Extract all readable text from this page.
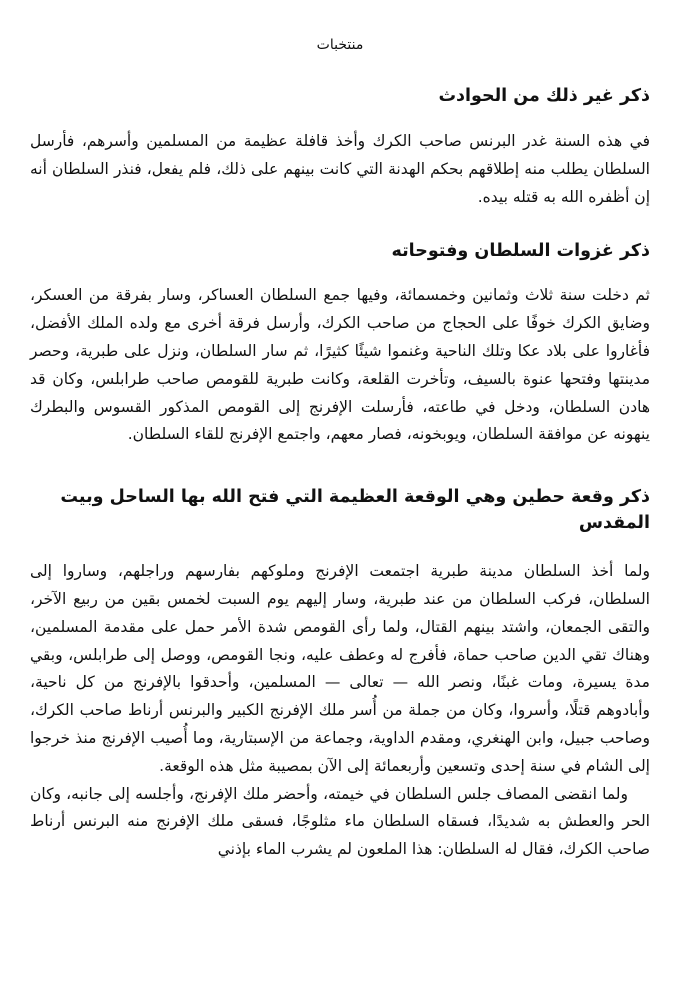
منتخبات
ذكر غير ذلك من الحوادث

في هذه السنة غدر البرنس صاحب الكرك وأخذ قافلة عظيمة من المسلمين وأسرهم، فأرسل السلطان يطلب منه إطلاقهم بحكم الهدنة التي كانت بينهم على ذلك، فلم يفعل، فنذر السلطان أنه إن أظفره الله به قتله بيده.

ذكر غزوات السلطان وفتوحاته

ثم دخلت سنة ثلاث وثمانين وخمسمائة، وفيها جمع السلطان العساكر، وسار بفرقة من العسكر، وضايق الكرك خوفًا على الحجاج من صاحب الكرك، وأرسل فرقة أخرى مع ولده الملك الأفضل، فأغاروا على بلاد عكا وتلك الناحية وغنموا شيئًا كثيرًا، ثم سار السلطان، ونزل على طبرية، وحصر مدينتها وفتحها عنوة بالسيف، وتأخرت القلعة، وكانت طبرية للقومص صاحب طرابلس، وكان قد هادن السلطان، ودخل في طاعته، فأرسلت الإفرنج إلى القومص المذكور القسوس والبطرك ينهونه عن موافقة السلطان، ويوبخونه، فصار معهم، واجتمع الإفرنج للقاء السلطان.

ذكر وقعة حطين وهي الوقعة العظيمة التي فتح الله بها الساحل وبيت المقدس

ولما أخذ السلطان مدينة طبرية اجتمعت الإفرنج وملوكهم بفارسهم وراجلهم، وساروا إلى السلطان، فركب السلطان من عند طبرية، وسار إليهم يوم السبت لخمس بقين من ربيع الآخر، والتقى الجمعان، واشتد بينهم القتال، ولما رأى القومص شدة الأمر حمل على مقدمة المسلمين، وهناك تقي الدين صاحب حماة، فأفرج له وعطف عليه، ونجا القومص، ووصل إلى طرابلس، وبقي مدة يسيرة، ومات غبنًا، ونصر الله — تعالى — المسلمين، وأحدقوا بالإفرنج من كل ناحية، وأبادوهم قتلًا، وأسروا، وكان من جملة من أُسر ملك الإفرنج الكبير والبرنس أرناط صاحب الكرك، وصاحب جبيل، وابن الهنغري، ومقدم الداوية، وجماعة من الإسبتارية، وما أُصيب الإفرنج منذ خرجوا إلى الشام في سنة إحدى وتسعين وأربعمائة إلى الآن بمصيبة مثل هذه الوقعة.

ولما انقضى المصاف جلس السلطان في خيمته، وأحضر ملك الإفرنج، وأجلسه إلى جانبه، وكان الحر والعطش به شديدًا، فسقاه السلطان ماء مثلوجًا، فسقى ملك الإفرنج منه البرنس أرناط صاحب الكرك، فقال له السلطان: هذا الملعون لم يشرب الماء بإذني
